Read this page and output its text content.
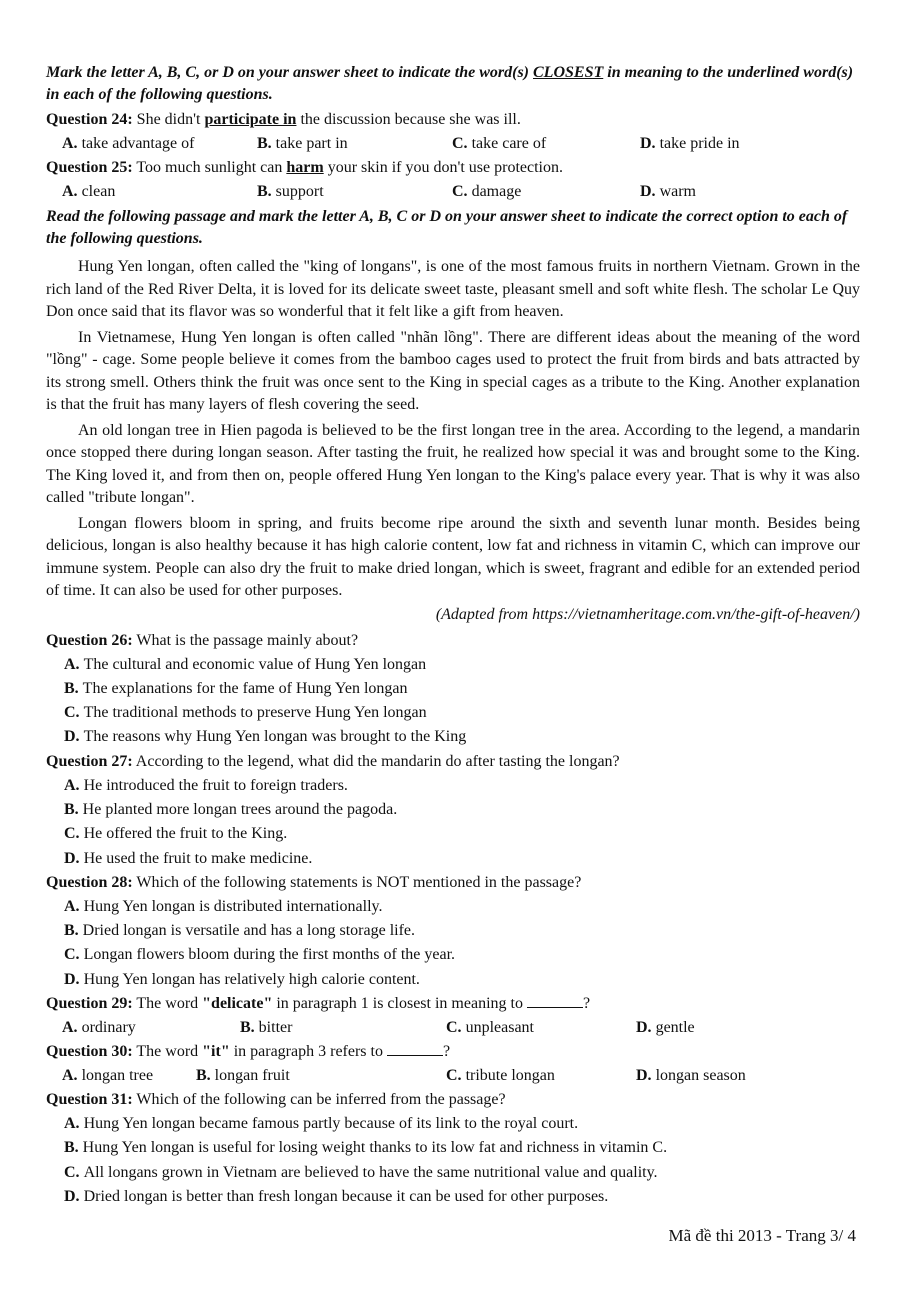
Mark the letter A, B, C, or D on your answer sheet to indicate the word(s) CLOSEST in meaning to the underlined word(s) in each of the following questions.

Question 24: She didn't participate in the discussion because she was ill.

A. take advantage of	B. take part in	C. take care of	D. take pride in

Question 25: Too much sunlight can harm your skin if you don't use protection.

A. clean	B. support	C. damage	D. warm

Read the following passage and mark the letter A, B, C or D on your answer sheet to indicate the correct option to each of the following questions.

Hung Yen longan, often called the "king of longans", is one of the most famous fruits in northern Vietnam. Grown in the rich land of the Red River Delta, it is loved for its delicate sweet taste, pleasant smell and soft white flesh. The scholar Le Quy Don once said that its flavor was so wonderful that it felt like a gift from heaven.

In Vietnamese, Hung Yen longan is often called "nhãn lồng". There are different ideas about the meaning of the word "lồng" - cage. Some people believe it comes from the bamboo cages used to protect the fruit from birds and bats attracted by its strong smell. Others think the fruit was once sent to the King in special cages as a tribute to the King. Another explanation is that the fruit has many layers of flesh covering the seed.

An old longan tree in Hien pagoda is believed to be the first longan tree in the area. According to the legend, a mandarin once stopped there during longan season. After tasting the fruit, he realized how special it was and brought some to the King. The King loved it, and from then on, people offered Hung Yen longan to the King's palace every year. That is why it was also called "tribute longan".

Longan flowers bloom in spring, and fruits become ripe around the sixth and seventh lunar month. Besides being delicious, longan is also healthy because it has high calorie content, low fat and richness in vitamin C, which can improve our immune system. People can also dry the fruit to make dried longan, which is sweet, fragrant and edible for an extended period of time. It can also be used for other purposes.

(Adapted from https://vietnamheritage.com.vn/the-gift-of-heaven/)

Question 26: What is the passage mainly about?

A. The cultural and economic value of Hung Yen longan

B. The explanations for the fame of Hung Yen longan

C. The traditional methods to preserve Hung Yen longan

D. The reasons why Hung Yen longan was brought to the King

Question 27: According to the legend, what did the mandarin do after tasting the longan?

A. He introduced the fruit to foreign traders.

B. He planted more longan trees around the pagoda.

C. He offered the fruit to the King.

D. He used the fruit to make medicine.

Question 28: Which of the following statements is NOT mentioned in the passage?

A. Hung Yen longan is distributed internationally.

B. Dried longan is versatile and has a long storage life.

C. Longan flowers bloom during the first months of the year.

D. Hung Yen longan has relatively high calorie content.

Question 29: The word "delicate" in paragraph 1 is closest in meaning to	?

A. ordinary	B. bitter	C. unpleasant	D. gentle

Question 30: The word "it" in paragraph 3 refers to	?

A. longan tree	B. longan fruit	C. tribute longan	D. longan season

Question 31: Which of the following can be inferred from the passage?

A. Hung Yen longan became famous partly because of its link to the royal court.

B. Hung Yen longan is useful for losing weight thanks to its low fat and richness in vitamin C.

C. All longans grown in Vietnam are believed to have the same nutritional value and quality.

D. Dried longan is better than fresh longan because it can be used for other purposes.

Mã đề thi 2013 - Trang 3/ 4
